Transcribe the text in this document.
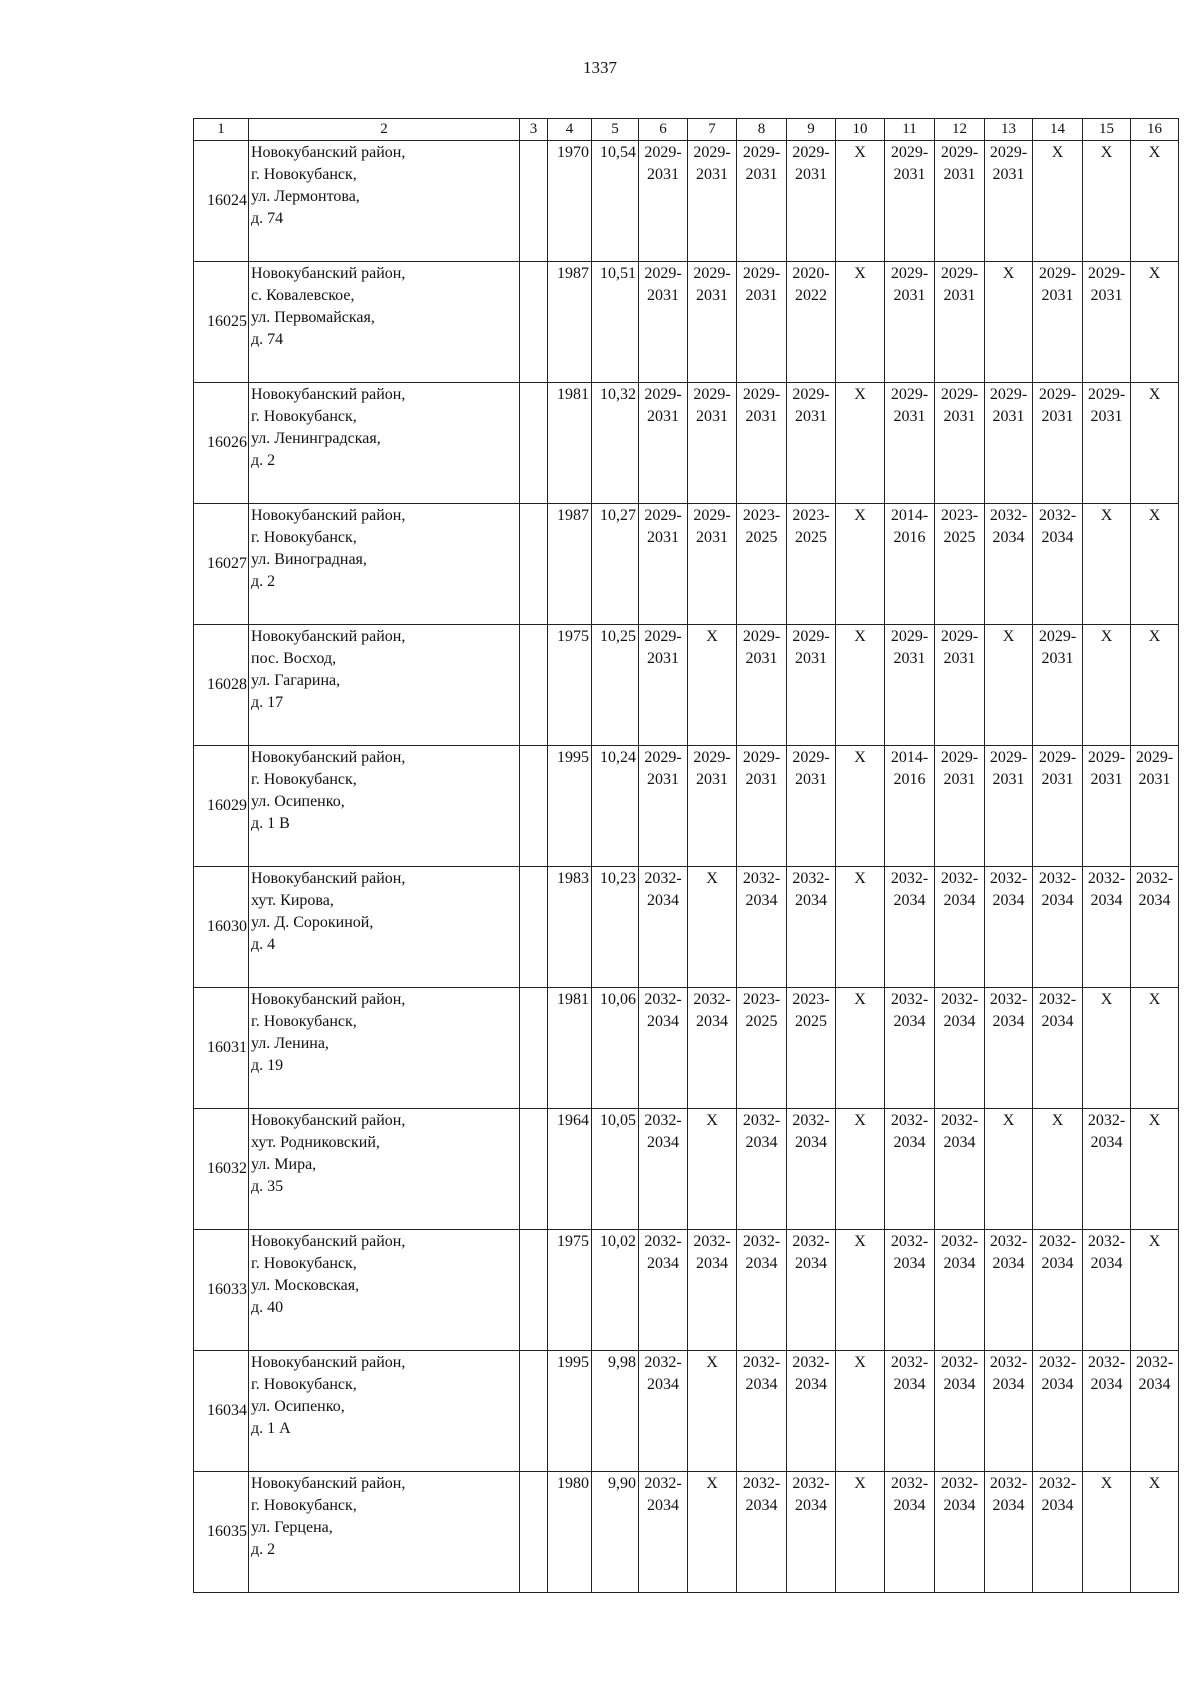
1337
1	2	3	4	5	6	7	8	9	10	11	12	13	14	15	16
16024	Новокубанский район,
г. Новокубанск,
ул. Лермонтова,
д. 74		1970	10,54	2029-
2031	2029-
2031	2029-
2031	2029-
2031	X	2029-
2031	2029-
2031	2029-
2031	X	X	X
16025	Новокубанский район,
с. Ковалевское,
ул. Первомайская,
д. 74		1987	10,51	2029-
2031	2029-
2031	2029-
2031	2020-
2022	X	2029-
2031	2029-
2031	X	2029-
2031	2029-
2031	X
16026	Новокубанский район,
г. Новокубанск,
ул. Ленинградская,
д. 2		1981	10,32	2029-
2031	2029-
2031	2029-
2031	2029-
2031	X	2029-
2031	2029-
2031	2029-
2031	2029-
2031	2029-
2031	X
16027	Новокубанский район,
г. Новокубанск,
ул. Виноградная,
д. 2		1987	10,27	2029-
2031	2029-
2031	2023-
2025	2023-
2025	X	2014-
2016	2023-
2025	2032-
2034	2032-
2034	X	X
16028	Новокубанский район,
пос. Восход,
ул. Гагарина,
д. 17		1975	10,25	2029-
2031	X	2029-
2031	2029-
2031	X	2029-
2031	2029-
2031	X	2029-
2031	X	X
16029	Новокубанский район,
г. Новокубанск,
ул. Осипенко,
д. 1 В		1995	10,24	2029-
2031	2029-
2031	2029-
2031	2029-
2031	X	2014-
2016	2029-
2031	2029-
2031	2029-
2031	2029-
2031	2029-
2031

16030	Новокубанский район,
хут. Кирова,
ул. Д. Сорокиной,
д. 4		1983	10,23	2032-
2034	X	2032-
2034	2032-
2034	X	2032-
2034	2032-
2034	2032-
2034	2032-
2034	2032-
2034	2032-
2034

16031	Новокубанский район,
г. Новокубанск,
ул. Ленина,
д. 19		1981	10,06	2032-
2034	2032-
2034	2023-
2025	2023-
2025	X	2032-
2034	2032-
2034	2032-
2034	2032-
2034	X	X
16032	Новокубанский район,
хут. Родниковский,
ул. Мира,
д. 35		1964	10,05	2032-
2034	X	2032-
2034	2032-
2034	X	2032-
2034	2032-
2034	X	X	2032-
2034	X
16033	Новокубанский район,
г. Новокубанск,
ул. Московская,
д. 40		1975	10,02	2032-
2034	2032-
2034	2032-
2034	2032-
2034	X	2032-
2034	2032-
2034	2032-
2034	2032-
2034	2032-
2034	X
16034	Новокубанский район,
г. Новокубанск,
ул. Осипенко,
д. 1 А		1995	9,98	2032-
2034	X	2032-
2034	2032-
2034	X	2032-
2034	2032-
2034	2032-
2034	2032-
2034	2032-
2034	2032-
2034

16035	Новокубанский район,
г. Новокубанск,
ул. Герцена,
д. 2		1980	9,90	2032-
2034	X	2032-
2034	2032-
2034	X	2032-
2034	2032-
2034	2032-
2034	2032-
2034	X	X
